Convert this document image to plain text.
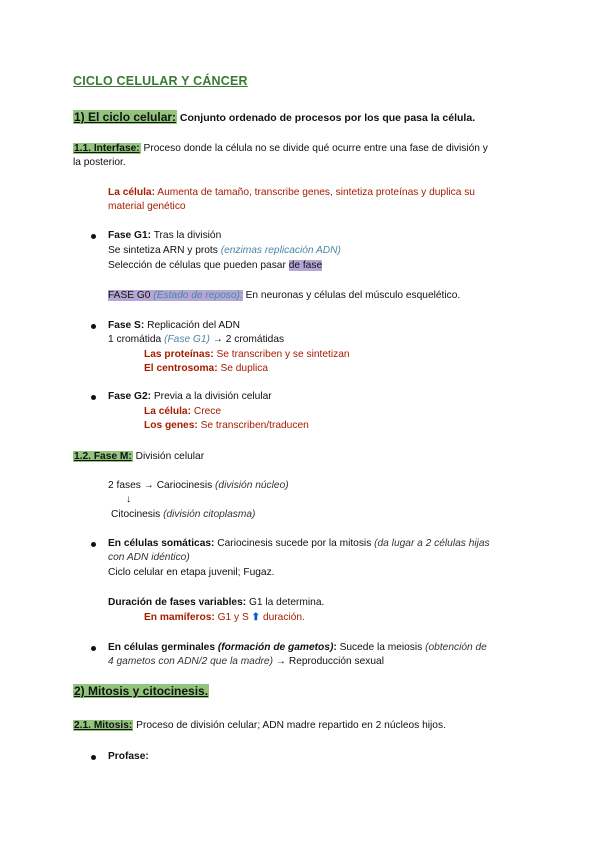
CICLO CELULAR Y CÁNCER
1) El ciclo celular: Conjunto ordenado de procesos por los que pasa la célula.
1.1. Interfase: Proceso donde la célula no se divide qué ocurre entre una fase de división y
la posterior.
La célula: Aumenta de tamaño, transcribe genes, sintetiza proteínas y duplica su
material genético
Fase G1: Tras la división
Se sintetiza ARN y prots (enzimas replicación ADN)
Selección de células que pueden pasar de fase
FASE G0 (Estado de reposo): En neuronas y células del músculo esquelético.
Fase S: Replicación del ADN
1 cromátida (Fase G1) → 2 cromátidas
Las proteínas: Se transcriben y se sintetizan
El centrosoma: Se duplica
Fase G2: Previa a la división celular
La célula: Crece
Los genes: Se transcriben/traducen
1.2. Fase M: División celular
2 fases → Cariocinesis (división núcleo)
↓
Citocinesis (división citoplasma)
En células somáticas: Cariocinesis sucede por la mitosis (da lugar a 2 células hijas
con ADN idéntico)
Ciclo celular en etapa juvenil; Fugaz.
Duración de fases variables: G1 la determina.
En mamíferos: G1 y S ⬆ duración.
En células germinales (formación de gametos): Sucede la meiosis (obtención de
4 gametos con ADN/2 que la madre) → Reproducción sexual
2) Mitosis y citocinesis.
2.1. Mitosis: Proceso de división celular; ADN madre repartido en 2 núcleos hijos.
Profase:
